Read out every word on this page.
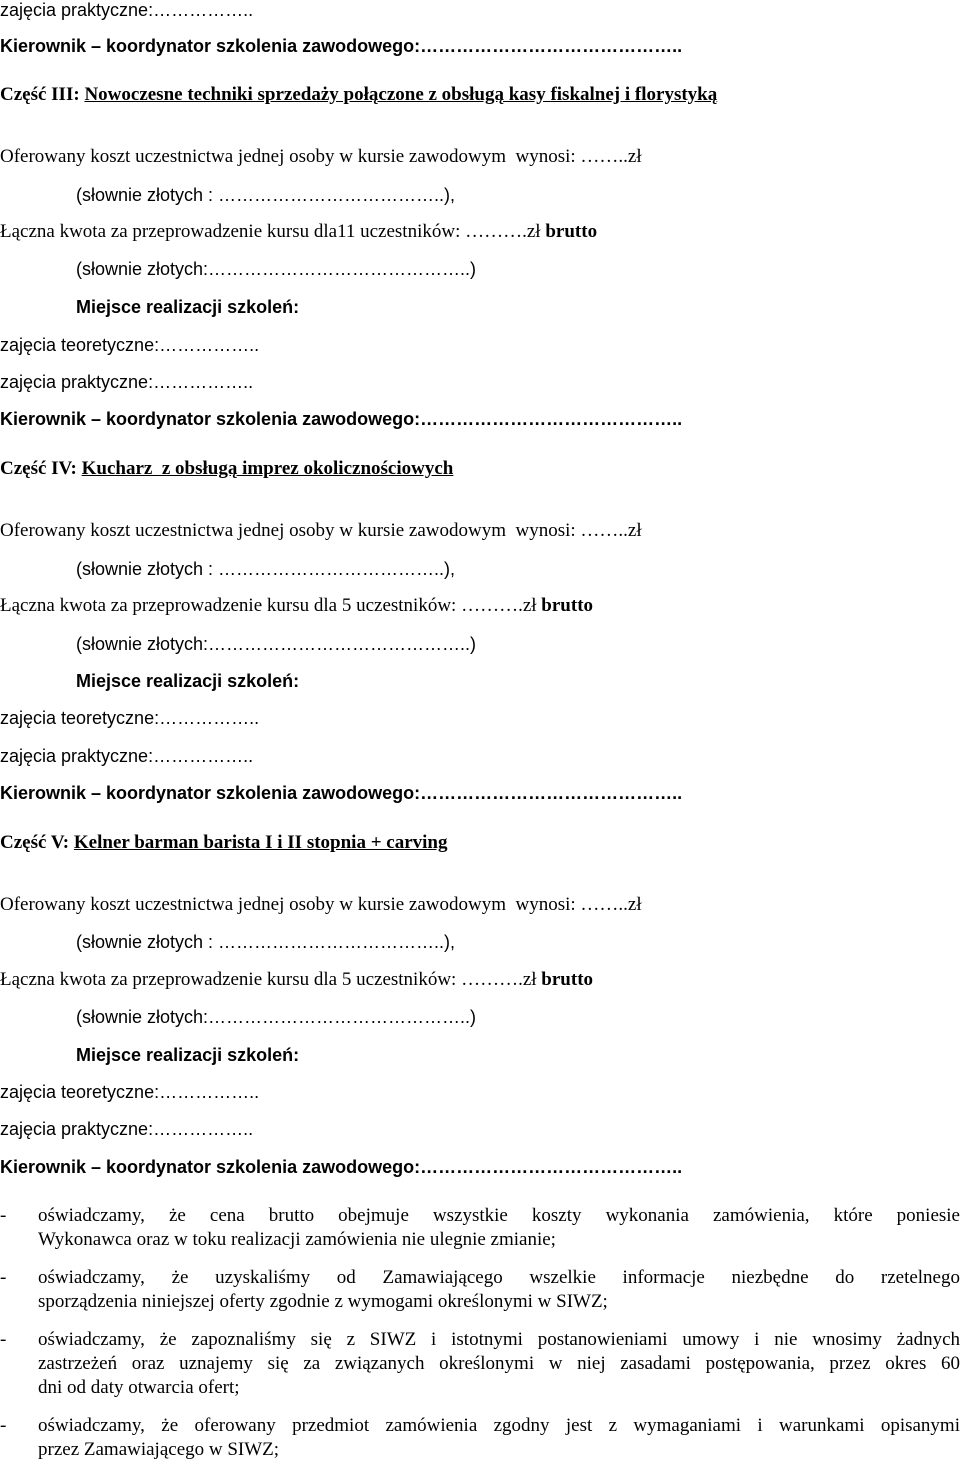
zajęcia praktyczne:……………..
Kierownik – koordynator szkolenia zawodowego:……………………………………..
Część III: Nowoczesne techniki sprzedaży połączone z obsługą kasy fiskalnej i florystyką
Oferowany koszt uczestnictwa jednej osoby w kursie zawodowym  wynosi: ……..zł
(słownie złotych : ………………………………..),
Łączna kwota za przeprowadzenie kursu dla11 uczestników: ……….zł brutto
(słownie złotych:……………………………………..)
Miejsce realizacji szkoleń:
zajęcia teoretyczne:……………..
zajęcia praktyczne:……………..
Kierownik – koordynator szkolenia zawodowego:……………………………………..
Część IV: Kucharz  z obsługą imprez okolicznościowych
Oferowany koszt uczestnictwa jednej osoby w kursie zawodowym  wynosi: ……..zł
(słownie złotych : ………………………………..),
Łączna kwota za przeprowadzenie kursu dla 5 uczestników: ……….zł brutto
(słownie złotych:……………………………………..)
Miejsce realizacji szkoleń:
zajęcia teoretyczne:……………..
zajęcia praktyczne:……………..
Kierownik – koordynator szkolenia zawodowego:……………………………………..
Część V: Kelner barman barista I i II stopnia + carving
Oferowany koszt uczestnictwa jednej osoby w kursie zawodowym  wynosi: ……..zł
(słownie złotych : ………………………………..),
Łączna kwota za przeprowadzenie kursu dla 5 uczestników: ……….zł brutto
(słownie złotych:……………………………………..)
Miejsce realizacji szkoleń:
zajęcia teoretyczne:……………..
zajęcia praktyczne:……………..
Kierownik – koordynator szkolenia zawodowego:……………………………………..
- oświadczamy, że cena brutto obejmuje wszystkie koszty wykonania zamówienia, które poniesie
Wykonawca oraz w toku realizacji zamówienia nie ulegnie zmianie;
- oświadczamy, że uzyskaliśmy od Zamawiającego wszelkie informacje niezbędne do rzetelnego
sporządzenia niniejszej oferty zgodnie z wymogami określonymi w SIWZ;
- oświadczamy, że zapoznaliśmy się z SIWZ i istotnymi postanowieniami umowy i nie wnosimy żadnych
zastrzeżeń oraz uznajemy się za związanych określonymi w niej zasadami postępowania, przez okres 60
dni od daty otwarcia ofert;
- oświadczamy, że oferowany przedmiot zamówienia zgodny jest z wymaganiami i warunkami opisanymi
przez Zamawiającego w SIWZ;
